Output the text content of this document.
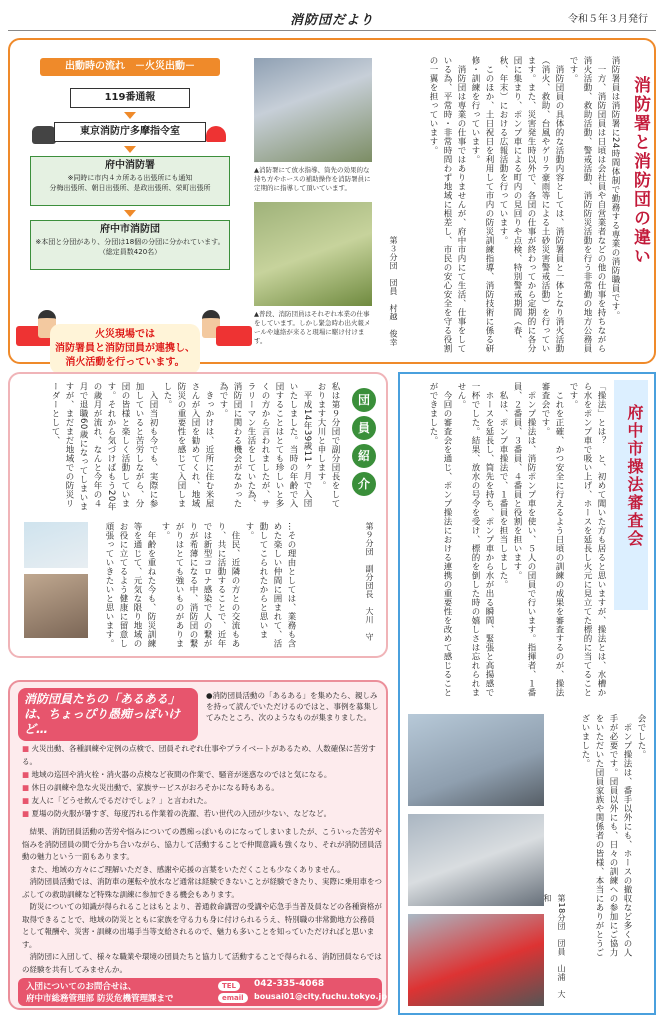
消防団だより	令和５年３月発行
出動時の流れ　－火災出動－
119番通報
東京消防庁多摩指令室
府中消防署
※同時に市内４カ所ある出張所にも通知
分梅出張所、朝日出張所、是政出張所、栄町出張所
府中市消防団
※本団と分団があり、分団は18個の分団に分かれています。
（総定員数420名）
火災現場では
消防署員と消防団員が連携し、
消火活動を行っています。
▲消防署にて放水指導、筒先の効果的な持ち方やホースの補助操作を消防署員に定期的に指導して頂いています。
▲普段、消防団員はそれぞれ本業の仕事をしています。しかし緊急時わ出火報メールや連絡が来ると現場に駆け付けます。
消防署員は消防署に24時間体制で勤務する専業の消防職員です。
　一方、消防団員は日頃は会社員や自営業者などの他の仕事を持ちながら消火活動、救助活動、警戒活動、消防防災活動を行う非常勤の地方公務員です。
　消防団員の具体的な活動内容としては、消防署員と一体となり消火活動（消火、救助、台風やゲリラ豪雨等による土砂災害警戒活動）を行っています。また、災害発生時以外で、各団の仕事が終わってから定期的に各分団に集まり、ポンプ車による町内の見回りや点検、特別警戒期間（春、秋、年末）における広報活動を行っています。
　このほか、土日祝日を利用して市内の防災訓練指導、消防技術に係る研修・訓練を行っています。
　消防団は専業の仕事ではありませんが、府中市内にて生活、仕事をしている為、平常時・非常時問わず地域に根差し、市民の安心安全を守る役割の一翼を担っています。
第３分団　団員　村越　俊幸
消防署と消防団の違い
団
員
紹
介
私は第９分団で副分団長をしております大川と申します。
　平成14年39歳11ヶ月で入団いたしました。当時の年齢で入団することはとても珍しいと多くの方から言われましたが、サラリーマン生活をしていた為、消防団に関わる機会がなかった為です。
　きっかけは、近所に住む米屋さんが入団を勧めてくれ、地域防災の重要性を感じて入団しました。
　入団当初も今でも、実際に参加していると苦労しながら、分団の皆様と楽しく活動しています。それから気づけばもう20年の歳月が流れ、なんと今年の４月で退職60歳になってしまいますが、まだまだ地域での防災リーダーとして、
…その理由としては、業務も含めた楽しい仲間に囲まれて、活動してこられたからと思います。
　住民、近隣の方との交流もあり、共に活動することで、近年では新型コロナ感染で人の繋がりが希薄になる中、消防団の繋がりはとても強いものがあります。
　年齢を重ねた今も、防災訓練等を通じて、元気な限り地域のお役に立てるよう健康に留意し頑張っていきたいと思います。	第９分団　副分団長　大川　守
府中市操法審査会
「操法」とは？　と、初めて聞いた方も居ると思いますが、操法とは、水槽から水をポンプ車で吸い上げ、ホースを延長し火元に見立てた標的に当てることです。
　これを正確、かつ安全に行えるよう日頃の訓練の成果を審査するのが、操法審査会です。
　ポンプ操法は、消防ポンプ車を使い、５人の団員で行います。指揮者、１番員、２番員、３番員、４番員と役割を担います。
　私は、ポンプ車操法で、１番員を担当しました。
　ホースを延長し、筒先を持ち、ポンプ車から水が出る瞬間、緊張と高揚感で一杯でした。結果、放水の号令を受け、標的を倒した時の嬉しさは忘れられません。
　今回の審査会を通じ、ポンプ操法における連携の重要性を改めて感じることができました。
会でした。
　ポンプ操法は、番手以外にも、ホースの撤収など多くの人手が必要です。団員以外にも、日々の訓練への参加にご協力をいただいた団員家族や関係者の皆様、本当にありがとうございました。
第18分団　団員　山浦　大和
消防団員たちの「あるある」は、ちょっぴり愚痴っぽいけど…
●消防団員活動の「あるある」を集めたら、親しみを持って読んでいただけるのではと、事例を募集してみたところ、次のようなものが集まりました。
■ 火災出動、各種訓練や定例の点検で、団員それぞれ仕事やプライベートがあるため、人数確保に苦労する。
■ 地域の巡回や消火栓・消火器の点検など夜間の作業で、騒音が迷惑なのではと気になる。
■ 休日の訓練や急な火災出動で、家族サービスがおろそかになる時もある。
■ 友人に「どうせ飲んでるだけでしょ？」と言われた。
■ 夏場の防火服が暑すぎ、毎度汚れる作業着の洗濯、若い世代の入団が少ない、などなど。

結果、消防団員活動の苦労や悩みについての愚痴っぽいものになってしまいましたが、こういった苦労や悩みを消防団員の間で分かち合いながら、協力して活動することで仲間意識も強くなり、それが消防団員活動の魅力という一面もあります。

また、地域の方々にご理解いただき、感謝や応援の言葉をいただくことも少なくありません。

消防団員活動では、消防車の運転や放水など通常は経験できないことが経験できたり、実際に乗用車をつぶしての救助訓練など特殊な訓練に参加できる機会もあります。

防災についての知識が得られることはもとより、普通救命講習の受講や応急手当普及員などの各種資格が取得できることで、地域の防災とともに家族を守る力も身に付けられるうえ、特別職の非常勤地方公務員として報酬や、災害・訓練の出場手当等支給されるので、魅力も多いことを知っていただければと思います。

消防団に入団して、様々な職業や環境の団員たちと協力して活動することで得られる、消防団員ならではの経験を共有してみませんか。

入団についてのお問合せは、
府中市総務管理部 防災危機管理課まで
TEL	042-335-4068
email	bousai01@city.fuchu.tokyo.jp
